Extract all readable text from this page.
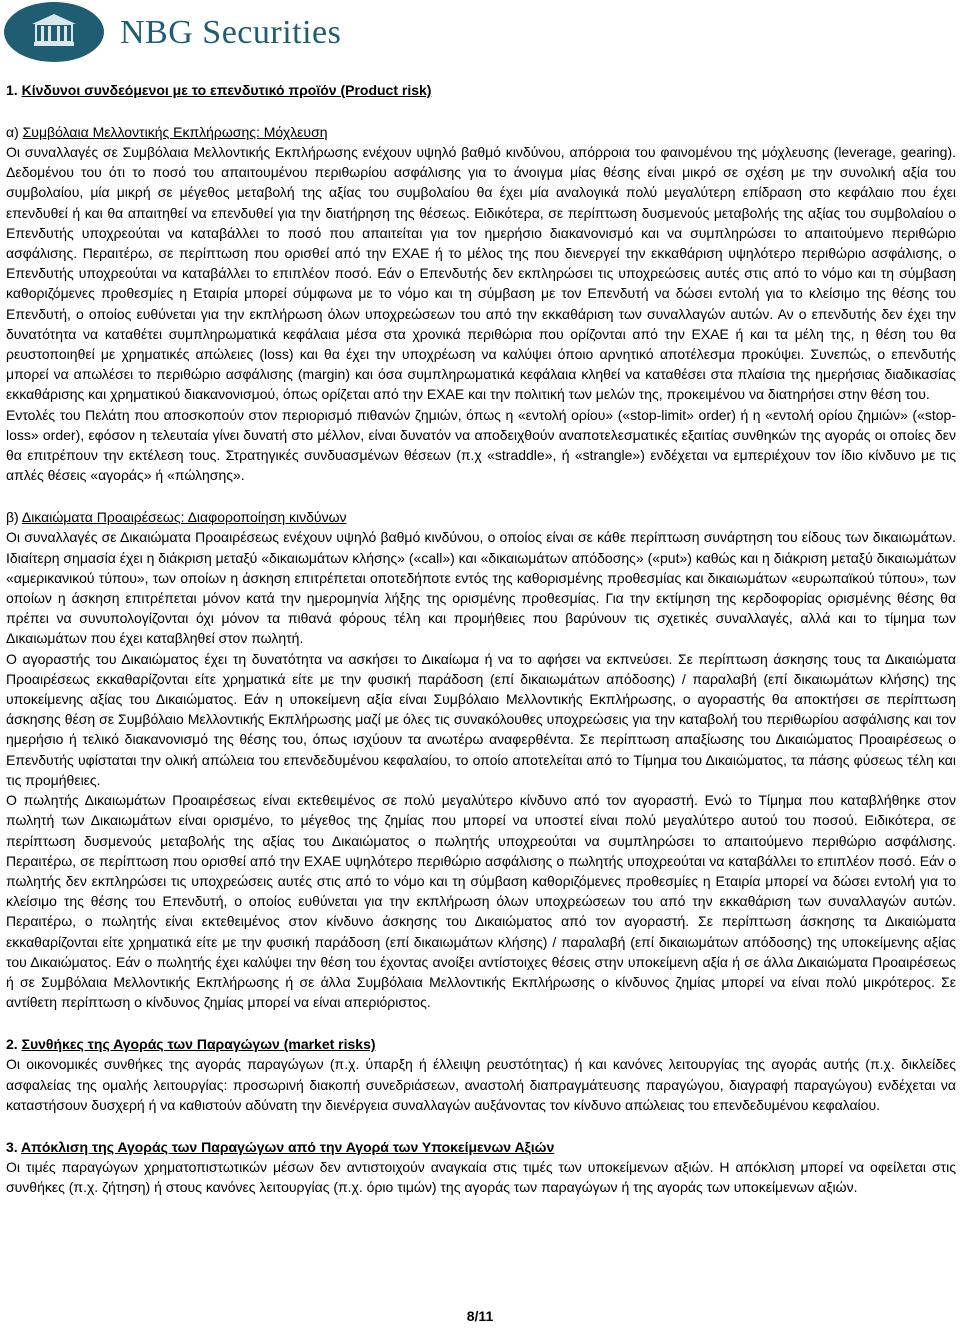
NBG Securities
1. Κίνδυνοι συνδεόμενοι με το επενδυτικό προϊόν (Product risk)
α) Συμβόλαια Μελλοντικής Εκπλήρωσης: Μόχλευση

Οι συναλλαγές σε Συμβόλαια Μελλοντικής Εκπλήρωσης ενέχουν υψηλό βαθμό κινδύνου, απόρροια του φαινομένου της μόχλευσης (leverage, gearing). Δεδομένου του ότι το ποσό του απαιτουμένου περιθωρίου ασφάλισης για το άνοιγμα μίας θέσης είναι μικρό σε σχέση με την συνολική αξία του συμβολαίου, μία μικρή σε μέγεθος μεταβολή της αξίας του συμβολαίου θα έχει μία αναλογικά πολύ μεγαλύτερη επίδραση στο κεφάλαιο που έχει επενδυθεί ή και θα απαιτηθεί να επενδυθεί για την διατήρηση της θέσεως. Ειδικότερα, σε περίπτωση δυσμενούς μεταβολής της αξίας του συμβολαίου ο Επενδυτής υποχρεούται να καταβάλλει το ποσό που απαιτείται για τον ημερήσιο διακανονισμό και να συμπληρώσει το απαιτούμενο περιθώριο ασφάλισης. Περαιτέρω, σε περίπτωση που ορισθεί από την ΕΧΑΕ ή το μέλος της που διενεργεί την εκκαθάριση υψηλότερο περιθώριο ασφάλισης, ο Επενδυτής υποχρεούται να καταβάλλει το επιπλέον ποσό. Εάν ο Επενδυτής δεν εκπληρώσει τις υποχρεώσεις αυτές στις από το νόμο και τη σύμβαση καθοριζόμενες προθεσμίες η Εταιρία μπορεί σύμφωνα με το νόμο και τη σύμβαση με τον Επενδυτή να δώσει εντολή για το κλείσιμο της θέσης του Επενδυτή, ο οποίος ευθύνεται για την εκπλήρωση όλων υποχρεώσεων του από την εκκαθάριση των συναλλαγών αυτών. Αν ο επενδυτής δεν έχει την δυνατότητα να καταθέτει συμπληρωματικά κεφάλαια μέσα στα χρονικά περιθώρια που ορίζονται από την ΕΧΑΕ ή και τα μέλη της, η θέση του θα ρευστοποιηθεί με χρηματικές απώλειες (loss) και θα έχει την υποχρέωση να καλύψει όποιο αρνητικό αποτέλεσμα προκύψει. Συνεπώς, ο επενδυτής μπορεί να απωλέσει το περιθώριο ασφάλισης (margin) και όσα συμπληρωματικά κεφάλαια κληθεί να καταθέσει στα πλαίσια της ημερήσιας διαδικασίας εκκαθάρισης και χρηματικού διακανονισμού, όπως ορίζεται από την ΕΧΑΕ και την πολιτική των μελών της, προκειμένου να διατηρήσει στην θέση του.

Εντολές του Πελάτη που αποσκοπούν στον περιορισμό πιθανών ζημιών, όπως η «εντολή ορίου» («stop-limit» order) ή η «εντολή ορίου ζημιών» («stop-loss» order), εφόσον η τελευταία γίνει δυνατή στο μέλλον, είναι δυνατόν να αποδειχθούν αναποτελεσματικές εξαιτίας συνθηκών της αγοράς οι οποίες δεν θα επιτρέπουν την εκτέλεση τους. Στρατηγικές συνδυασμένων θέσεων (π.χ «straddle», ή «strangle») ενδέχεται να εμπεριέχουν τον ίδιο κίνδυνο με τις απλές θέσεις «αγοράς» ή «πώλησης».

β) Δικαιώματα Προαιρέσεως: Διαφοροποίηση κινδύνων

Οι συναλλαγές σε Δικαιώματα Προαιρέσεως ενέχουν υψηλό βαθμό κινδύνου, ο οποίος είναι σε κάθε περίπτωση συνάρτηση του είδους των δικαιωμάτων. Ιδιαίτερη σημασία έχει η διάκριση μεταξύ «δικαιωμάτων κλήσης» («call») και «δικαιωμάτων απόδοσης» («put») καθώς και η διάκριση μεταξύ δικαιωμάτων «αμερικανικού τύπου», των οποίων η άσκηση επιτρέπεται οποτεδήποτε εντός της καθορισμένης προθεσμίας και δικαιωμάτων «ευρωπαϊκού τύπου», των οποίων η άσκηση επιτρέπεται μόνον κατά την ημερομηνία λήξης της ορισμένης προθεσμίας. Για την εκτίμηση της κερδοφορίας ορισμένης θέσης θα πρέπει να συνυπολογίζονται όχι μόνον τα πιθανά φόρους τέλη και προμήθειες που βαρύνουν τις σχετικές συναλλαγές, αλλά και το τίμημα των Δικαιωμάτων που έχει καταβληθεί στον πωλητή.

Ο αγοραστής του Δικαιώματος έχει τη δυνατότητα να ασκήσει το Δικαίωμα ή να το αφήσει να εκπνεύσει. Σε περίπτωση άσκησης τους τα Δικαιώματα Προαιρέσεως εκκαθαρίζονται είτε χρηματικά είτε με την φυσική παράδοση (επί δικαιωμάτων απόδοσης) / παραλαβή (επί δικαιωμάτων κλήσης) της υποκείμενης αξίας του Δικαιώματος. Εάν η υποκείμενη αξία είναι Συμβόλαιο Μελλοντικής Εκπλήρωσης, ο αγοραστής θα αποκτήσει σε περίπτωση άσκησης θέση σε Συμβόλαιο Μελλοντικής Εκπλήρωσης μαζί με όλες τις συνακόλουθες υποχρεώσεις για την καταβολή του περιθωρίου ασφάλισης και τον ημερήσιο ή τελικό διακανονισμό της θέσης του, όπως ισχύουν τα ανωτέρω αναφερθέντα. Σε περίπτωση απαξίωσης του Δικαιώματος Προαιρέσεως ο Επενδυτής υφίσταται την ολική απώλεια του επενδεδυμένου κεφαλαίου, το οποίο αποτελείται από το Τίμημα του Δικαιώματος, τα πάσης φύσεως τέλη και τις προμήθειες.

Ο πωλητής Δικαιωμάτων Προαιρέσεως είναι εκτεθειμένος σε πολύ μεγαλύτερο κίνδυνο από τον αγοραστή. Ενώ το Τίμημα που καταβλήθηκε στον πωλητή των Δικαιωμάτων είναι ορισμένο, το μέγεθος της ζημίας που μπορεί να υποστεί είναι πολύ μεγαλύτερο αυτού του ποσού. Ειδικότερα, σε περίπτωση δυσμενούς μεταβολής της αξίας του Δικαιώματος ο πωλητής υποχρεούται να συμπληρώσει το απαιτούμενο περιθώριο ασφάλισης. Περαιτέρω, σε περίπτωση που ορισθεί από την ΕΧΑΕ υψηλότερο περιθώριο ασφάλισης ο πωλητής υποχρεούται να καταβάλλει το επιπλέον ποσό. Εάν ο πωλητής δεν εκπληρώσει τις υποχρεώσεις αυτές στις από το νόμο και τη σύμβαση καθοριζόμενες προθεσμίες η Εταιρία μπορεί να δώσει εντολή για το κλείσιμο της θέσης του Επενδυτή, ο οποίος ευθύνεται για την εκπλήρωση όλων υποχρεώσεων του από την εκκαθάριση των συναλλαγών αυτών. Περαιτέρω, ο πωλητής είναι εκτεθειμένος στον κίνδυνο άσκησης του Δικαιώματος από τον αγοραστή. Σε περίπτωση άσκησης τα Δικαιώματα εκκαθαρίζονται είτε χρηματικά είτε με την φυσική παράδοση (επί δικαιωμάτων κλήσης) / παραλαβή (επί δικαιωμάτων απόδοσης) της υποκείμενης αξίας του Δικαιώματος. Εάν ο πωλητής έχει καλύψει την θέση του έχοντας ανοίξει αντίστοιχες θέσεις στην υποκείμενη αξία ή σε άλλα Δικαιώματα Προαιρέσεως ή σε Συμβόλαια Μελλοντικής Εκπλήρωσης ή σε άλλα Συμβόλαια Μελλοντικής Εκπλήρωσης ο κίνδυνος ζημίας μπορεί να είναι πολύ μικρότερος. Σε αντίθετη περίπτωση ο κίνδυνος ζημίας μπορεί να είναι απεριόριστος.

2. Συνθήκες της Αγοράς των Παραγώγων (market risks)

Οι οικονομικές συνθήκες της αγοράς παραγώγων (π.χ. ύπαρξη ή έλλειψη ρευστότητας) ή και κανόνες λειτουργίας της αγοράς αυτής (π.χ. δικλείδες ασφαλείας της ομαλής λειτουργίας: προσωρινή διακοπή συνεδριάσεων, αναστολή διαπραγμάτευσης παραγώγου, διαγραφή παραγώγου) ενδέχεται να καταστήσουν δυσχερή ή να καθιστούν αδύνατη την διενέργεια συναλλαγών αυξάνοντας τον κίνδυνο απώλειας του επενδεδυμένου κεφαλαίου.

3. Απόκλιση της Αγοράς των Παραγώγων από την Αγορά των Υποκείμενων Αξιών

Οι τιμές παραγώγων χρηματοπιστωτικών μέσων δεν αντιστοιχούν αναγκαία στις τιμές των υποκείμενων αξιών. Η απόκλιση μπορεί να οφείλεται στις συνθήκες (π.χ. ζήτηση) ή στους κανόνες λειτουργίας (π.χ. όριο τιμών) της αγοράς των παραγώγων ή της αγοράς των υποκείμενων αξιών.

8/11
